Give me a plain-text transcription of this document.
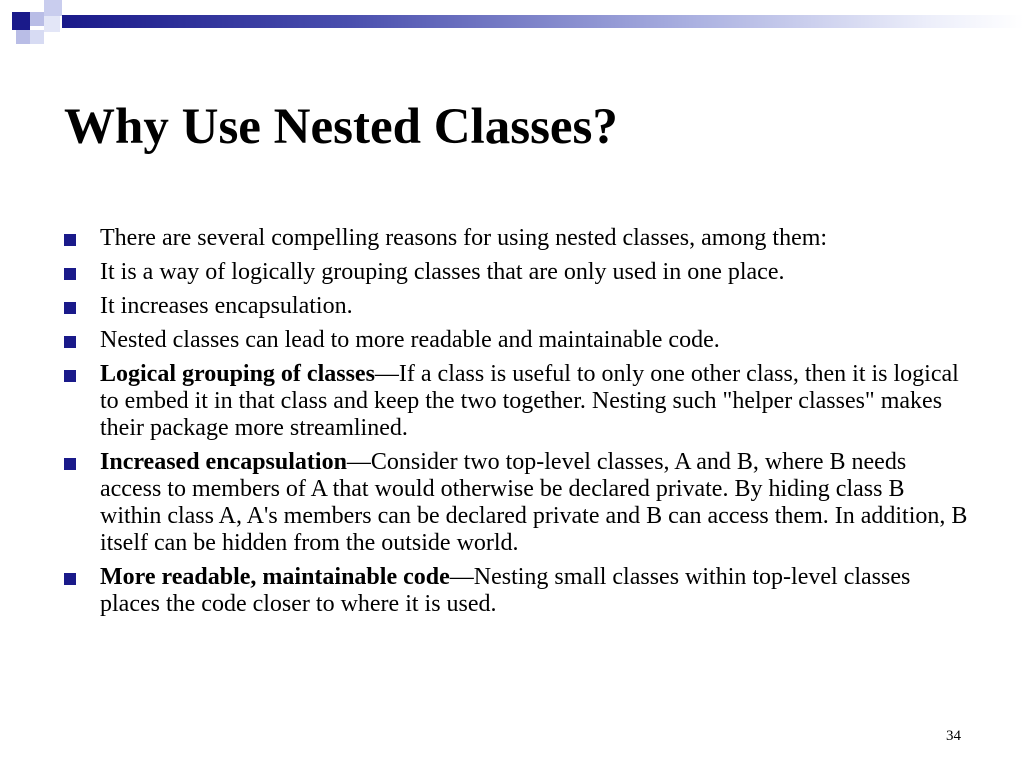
Why Use Nested Classes?
There are several compelling reasons for using nested classes, among them:
It is a way of logically grouping classes that are only used in one place.
It increases encapsulation.
Nested classes can lead to more readable and maintainable code.
Logical grouping of classes—If a class is useful to only one other class, then it is logical to embed it in that class and keep the two together. Nesting such "helper classes" makes their package more streamlined.
Increased encapsulation—Consider two top-level classes, A and B, where B needs access to members of A that would otherwise be declared private. By hiding class B within class A, A's members can be declared private and B can access them. In addition, B itself can be hidden from the outside world.
More readable, maintainable code—Nesting small classes within top-level classes places the code closer to where it is used.
34
